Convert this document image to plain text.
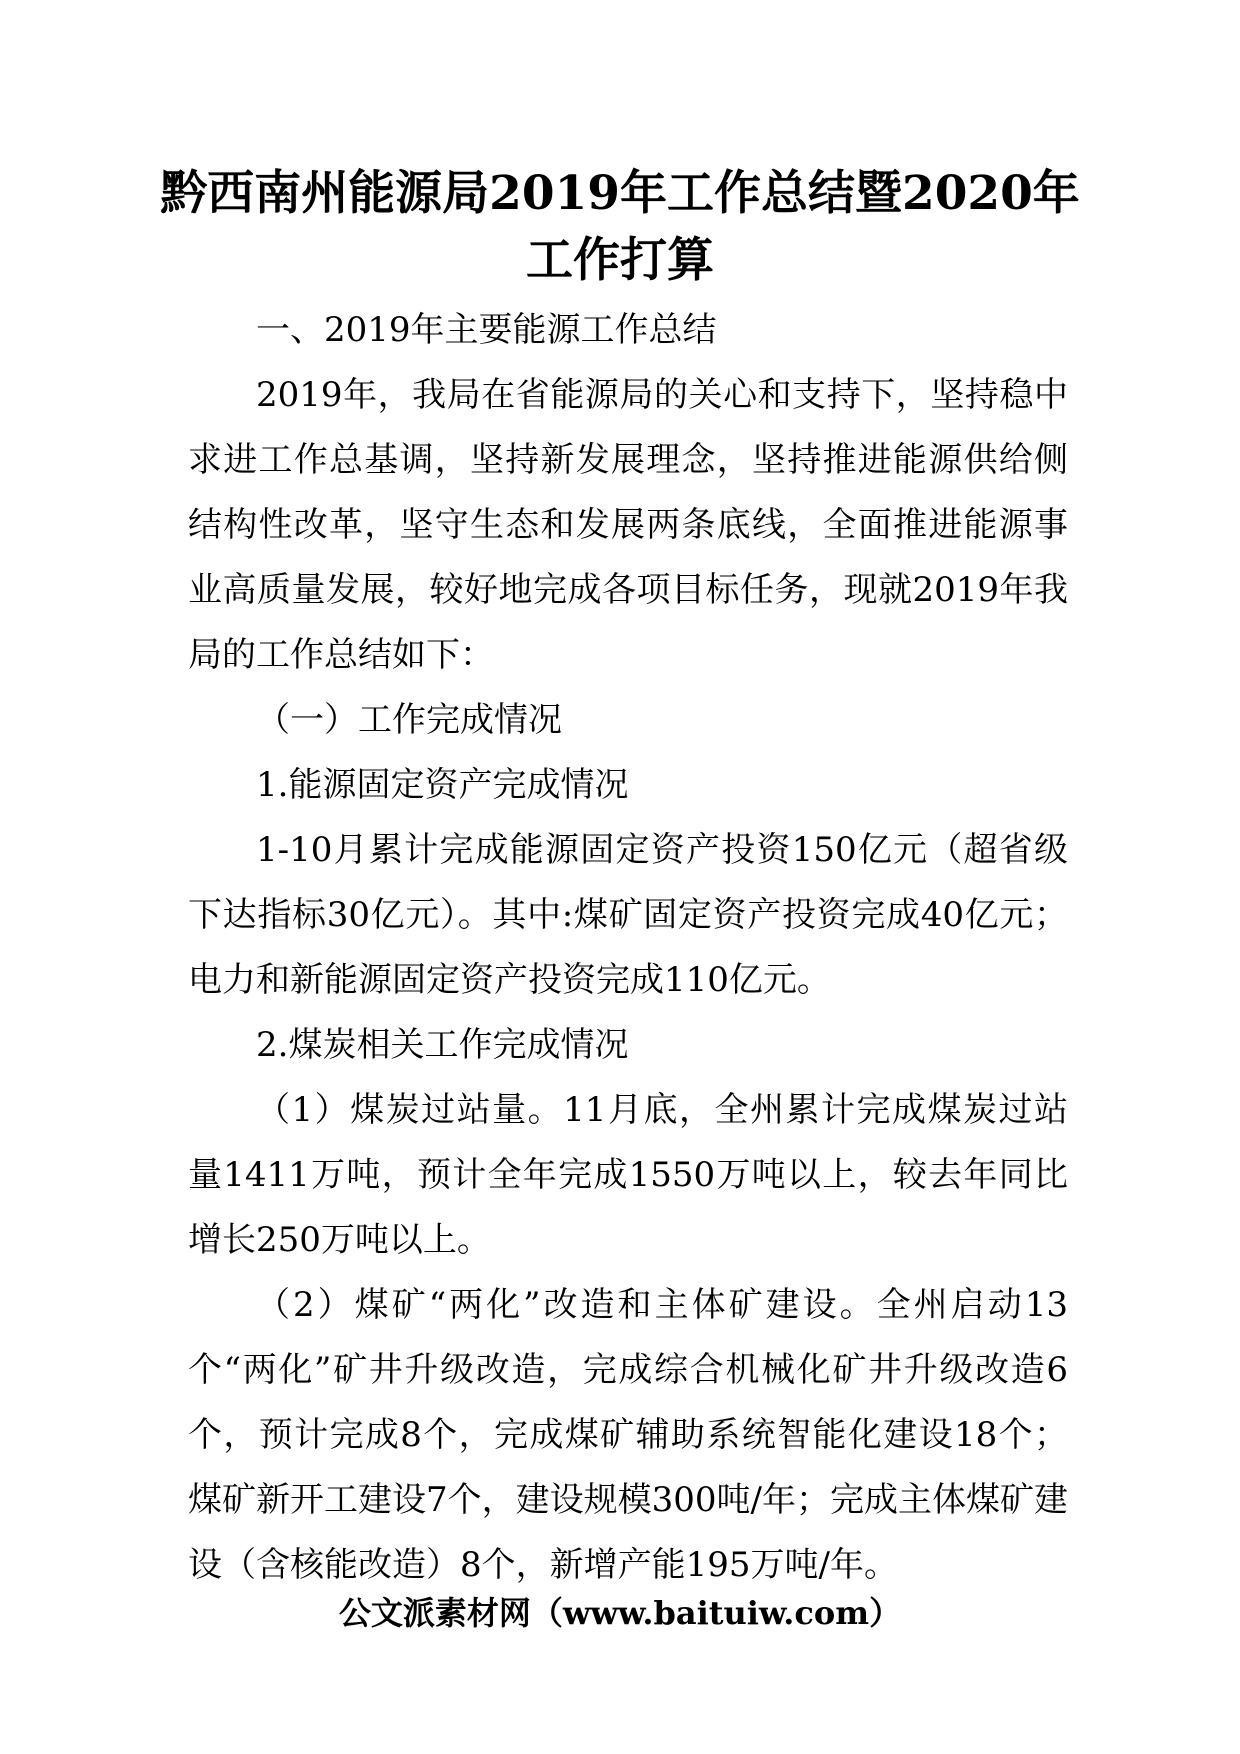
黔西南州能源局2019年工作总结暨2020年
工作打算

一、2019年主要能源工作总结

2019年，我局在省能源局的关心和支持下，坚持稳中求进工作总基调，坚持新发展理念，坚持推进能源供给侧结构性改革，坚守生态和发展两条底线，全面推进能源事业高质量发展，较好地完成各项目标任务，现就2019年我局的工作总结如下：

（一）工作完成情况

1.能源固定资产完成情况

1-10月累计完成能源固定资产投资150亿元（超省级下达指标30亿元）。其中:煤矿固定资产投资完成40亿元；电力和新能源固定资产投资完成110亿元。

2.煤炭相关工作完成情况

（1）煤炭过站量。11月底，全州累计完成煤炭过站量1411万吨，预计全年完成1550万吨以上，较去年同比增长250万吨以上。

（2）煤矿“两化”改造和主体矿建设。全州启动13个“两化”矿井升级改造，完成综合机械化矿井升级改造6个，预计完成8个，完成煤矿辅助系统智能化建设18个；煤矿新开工建设7个，建设规模300吨/年；完成主体煤矿建设（含核能改造）8个，新增产能195万吨/年。

公文派素材网（www.baituiw.com）
